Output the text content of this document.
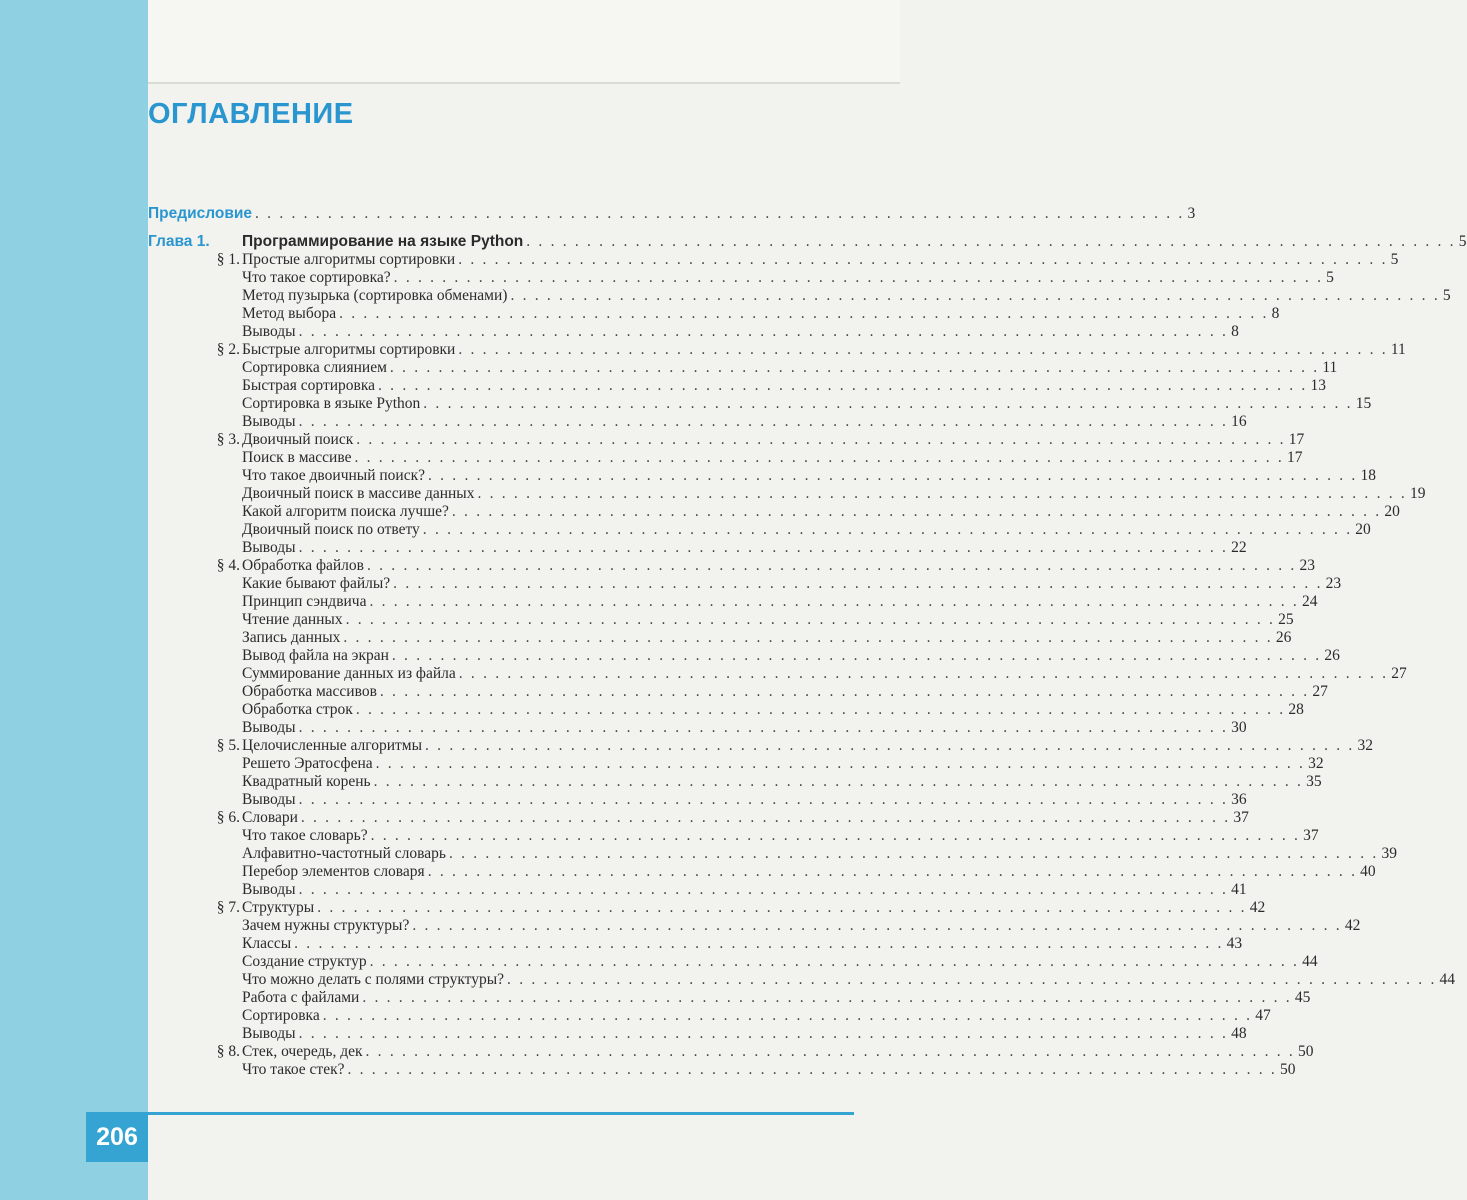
ОГЛАВЛЕНИЕ
Предисловие . . . . . . . . . . . . . . . . . . . . . . . . . . . . . . . . . . . . . . . . . . . . . . . . . . . . . . . . . . . . . . . . . . . . . . . . . . . . . 3
Глава 1.	Программирование на языке Python . . . . . . . . . . . . . . . . . . . . . . . . . . . . . . . . . . . . . . . . . . . . . . . . . . . . . . . . . . . . . . . . . . . . . . . . . . . . . 5
§ 1. Простые алгоритмы сортировки . . . . . . . . . . . . . . . . . . . . . . . . . . . . . . . . . . . . . . . . . . . . . . . . . . . . . . . . . . . . . . . . . . . . . . . . . . . . . 5
Что такое сортировка? . . . . . . . . . . . . . . . . . . . . . . . . . . . . . . . . . . . . . . . . . . . . . . . . . . . . . . . . . . . . . . . . . . . . . . . . . . . . . 5
Метод пузырька (сортировка обменами) . . . . . . . . . . . . . . . . . . . . . . . . . . . . . . . . . . . . . . . . . . . . . . . . . . . . . . . . . . . . . . . . . . . . . . . . . . . . . 5
Метод выбора . . . . . . . . . . . . . . . . . . . . . . . . . . . . . . . . . . . . . . . . . . . . . . . . . . . . . . . . . . . . . . . . . . . . . . . . . . . . . 8
Выводы . . . . . . . . . . . . . . . . . . . . . . . . . . . . . . . . . . . . . . . . . . . . . . . . . . . . . . . . . . . . . . . . . . . . . . . . . . . . . 8
§ 2. Быстрые алгоритмы сортировки . . . . . . . . . . . . . . . . . . . . . . . . . . . . . . . . . . . . . . . . . . . . . . . . . . . . . . . . . . . . . . . . . . . . . . . . . . . . . 11
Сортировка слиянием . . . . . . . . . . . . . . . . . . . . . . . . . . . . . . . . . . . . . . . . . . . . . . . . . . . . . . . . . . . . . . . . . . . . . . . . . . . . . 11
Быстрая сортировка . . . . . . . . . . . . . . . . . . . . . . . . . . . . . . . . . . . . . . . . . . . . . . . . . . . . . . . . . . . . . . . . . . . . . . . . . . . . . 13
Сортировка в языке Python . . . . . . . . . . . . . . . . . . . . . . . . . . . . . . . . . . . . . . . . . . . . . . . . . . . . . . . . . . . . . . . . . . . . . . . . . . . . . 15
Выводы . . . . . . . . . . . . . . . . . . . . . . . . . . . . . . . . . . . . . . . . . . . . . . . . . . . . . . . . . . . . . . . . . . . . . . . . . . . . . 16
§ 3. Двоичный поиск . . . . . . . . . . . . . . . . . . . . . . . . . . . . . . . . . . . . . . . . . . . . . . . . . . . . . . . . . . . . . . . . . . . . . . . . . . . . . 17
Поиск в массиве . . . . . . . . . . . . . . . . . . . . . . . . . . . . . . . . . . . . . . . . . . . . . . . . . . . . . . . . . . . . . . . . . . . . . . . . . . . . . 17
Что такое двоичный поиск? . . . . . . . . . . . . . . . . . . . . . . . . . . . . . . . . . . . . . . . . . . . . . . . . . . . . . . . . . . . . . . . . . . . . . . . . . . . . . 18
Двоичный поиск в массиве данных . . . . . . . . . . . . . . . . . . . . . . . . . . . . . . . . . . . . . . . . . . . . . . . . . . . . . . . . . . . . . . . . . . . . . . . . . . . . . 19
Какой алгоритм поиска лучше? . . . . . . . . . . . . . . . . . . . . . . . . . . . . . . . . . . . . . . . . . . . . . . . . . . . . . . . . . . . . . . . . . . . . . . . . . . . . . 20
Двоичный поиск по ответу . . . . . . . . . . . . . . . . . . . . . . . . . . . . . . . . . . . . . . . . . . . . . . . . . . . . . . . . . . . . . . . . . . . . . . . . . . . . . 20
Выводы . . . . . . . . . . . . . . . . . . . . . . . . . . . . . . . . . . . . . . . . . . . . . . . . . . . . . . . . . . . . . . . . . . . . . . . . . . . . . 22
§ 4. Обработка файлов . . . . . . . . . . . . . . . . . . . . . . . . . . . . . . . . . . . . . . . . . . . . . . . . . . . . . . . . . . . . . . . . . . . . . . . . . . . . . 23
Какие бывают файлы? . . . . . . . . . . . . . . . . . . . . . . . . . . . . . . . . . . . . . . . . . . . . . . . . . . . . . . . . . . . . . . . . . . . . . . . . . . . . . 23
Принцип сэндвича . . . . . . . . . . . . . . . . . . . . . . . . . . . . . . . . . . . . . . . . . . . . . . . . . . . . . . . . . . . . . . . . . . . . . . . . . . . . . 24
Чтение данных . . . . . . . . . . . . . . . . . . . . . . . . . . . . . . . . . . . . . . . . . . . . . . . . . . . . . . . . . . . . . . . . . . . . . . . . . . . . . 25
Запись данных . . . . . . . . . . . . . . . . . . . . . . . . . . . . . . . . . . . . . . . . . . . . . . . . . . . . . . . . . . . . . . . . . . . . . . . . . . . . . 26
Вывод файла на экран . . . . . . . . . . . . . . . . . . . . . . . . . . . . . . . . . . . . . . . . . . . . . . . . . . . . . . . . . . . . . . . . . . . . . . . . . . . . . 26
Суммирование данных из файла . . . . . . . . . . . . . . . . . . . . . . . . . . . . . . . . . . . . . . . . . . . . . . . . . . . . . . . . . . . . . . . . . . . . . . . . . . . . . 27
Обработка массивов . . . . . . . . . . . . . . . . . . . . . . . . . . . . . . . . . . . . . . . . . . . . . . . . . . . . . . . . . . . . . . . . . . . . . . . . . . . . . 27
Обработка строк . . . . . . . . . . . . . . . . . . . . . . . . . . . . . . . . . . . . . . . . . . . . . . . . . . . . . . . . . . . . . . . . . . . . . . . . . . . . . 28
Выводы . . . . . . . . . . . . . . . . . . . . . . . . . . . . . . . . . . . . . . . . . . . . . . . . . . . . . . . . . . . . . . . . . . . . . . . . . . . . . 30
§ 5. Целочисленные алгоритмы . . . . . . . . . . . . . . . . . . . . . . . . . . . . . . . . . . . . . . . . . . . . . . . . . . . . . . . . . . . . . . . . . . . . . . . . . . . . . 32
Решето Эратосфена . . . . . . . . . . . . . . . . . . . . . . . . . . . . . . . . . . . . . . . . . . . . . . . . . . . . . . . . . . . . . . . . . . . . . . . . . . . . . 32
Квадратный корень . . . . . . . . . . . . . . . . . . . . . . . . . . . . . . . . . . . . . . . . . . . . . . . . . . . . . . . . . . . . . . . . . . . . . . . . . . . . . 35
Выводы . . . . . . . . . . . . . . . . . . . . . . . . . . . . . . . . . . . . . . . . . . . . . . . . . . . . . . . . . . . . . . . . . . . . . . . . . . . . . 36
§ 6. Словари . . . . . . . . . . . . . . . . . . . . . . . . . . . . . . . . . . . . . . . . . . . . . . . . . . . . . . . . . . . . . . . . . . . . . . . . . . . . . 37
Что такое словарь? . . . . . . . . . . . . . . . . . . . . . . . . . . . . . . . . . . . . . . . . . . . . . . . . . . . . . . . . . . . . . . . . . . . . . . . . . . . . . 37
Алфавитно-частотный словарь . . . . . . . . . . . . . . . . . . . . . . . . . . . . . . . . . . . . . . . . . . . . . . . . . . . . . . . . . . . . . . . . . . . . . . . . . . . . . 39
Перебор элементов словаря . . . . . . . . . . . . . . . . . . . . . . . . . . . . . . . . . . . . . . . . . . . . . . . . . . . . . . . . . . . . . . . . . . . . . . . . . . . . . 40
Выводы . . . . . . . . . . . . . . . . . . . . . . . . . . . . . . . . . . . . . . . . . . . . . . . . . . . . . . . . . . . . . . . . . . . . . . . . . . . . . 41
§ 7. Структуры . . . . . . . . . . . . . . . . . . . . . . . . . . . . . . . . . . . . . . . . . . . . . . . . . . . . . . . . . . . . . . . . . . . . . . . . . . . . . 42
Зачем нужны структуры? . . . . . . . . . . . . . . . . . . . . . . . . . . . . . . . . . . . . . . . . . . . . . . . . . . . . . . . . . . . . . . . . . . . . . . . . . . . . . 42
Классы . . . . . . . . . . . . . . . . . . . . . . . . . . . . . . . . . . . . . . . . . . . . . . . . . . . . . . . . . . . . . . . . . . . . . . . . . . . . . 43
Создание структур . . . . . . . . . . . . . . . . . . . . . . . . . . . . . . . . . . . . . . . . . . . . . . . . . . . . . . . . . . . . . . . . . . . . . . . . . . . . . 44
Что можно делать с полями структуры? . . . . . . . . . . . . . . . . . . . . . . . . . . . . . . . . . . . . . . . . . . . . . . . . . . . . . . . . . . . . . . . . . . . . . . . . . . . . . 44
Работа с файлами . . . . . . . . . . . . . . . . . . . . . . . . . . . . . . . . . . . . . . . . . . . . . . . . . . . . . . . . . . . . . . . . . . . . . . . . . . . . . 45
Сортировка . . . . . . . . . . . . . . . . . . . . . . . . . . . . . . . . . . . . . . . . . . . . . . . . . . . . . . . . . . . . . . . . . . . . . . . . . . . . . 47
Выводы . . . . . . . . . . . . . . . . . . . . . . . . . . . . . . . . . . . . . . . . . . . . . . . . . . . . . . . . . . . . . . . . . . . . . . . . . . . . . 48
§ 8. Стек, очередь, дек . . . . . . . . . . . . . . . . . . . . . . . . . . . . . . . . . . . . . . . . . . . . . . . . . . . . . . . . . . . . . . . . . . . . . . . . . . . . . 50
Что такое стек? . . . . . . . . . . . . . . . . . . . . . . . . . . . . . . . . . . . . . . . . . . . . . . . . . . . . . . . . . . . . . . . . . . . . . . . . . . . . . 50
206
